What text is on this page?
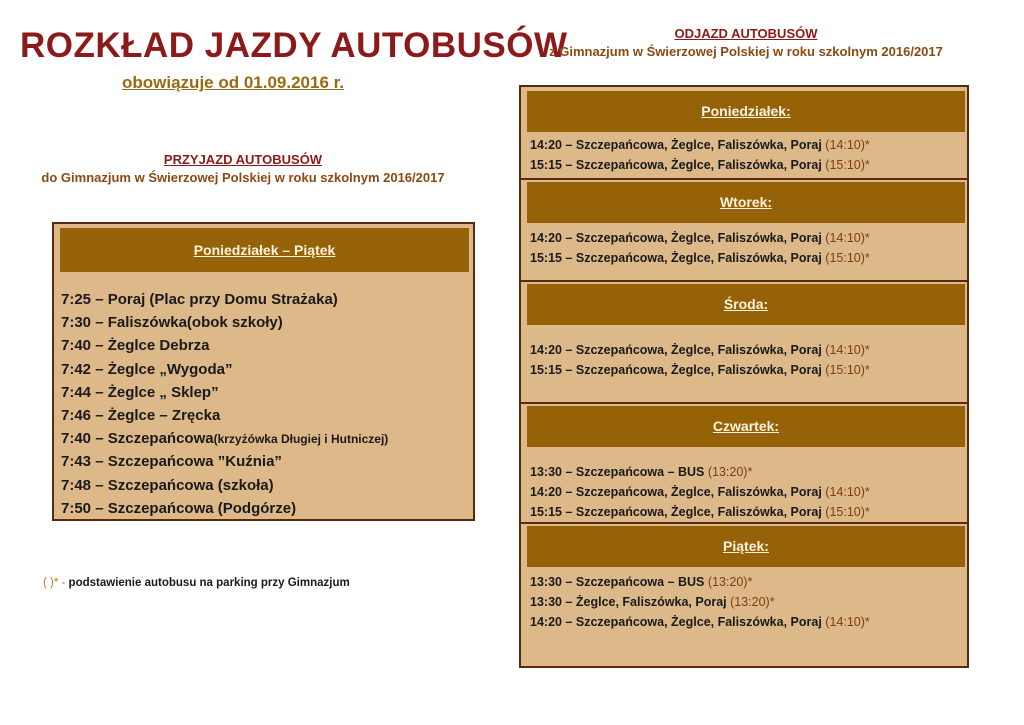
ROZKŁAD JAZDY AUTOBUSÓW
obowiązuje od 01.09.2016 r.
PRZYJAZD AUTOBUSÓW
do Gimnazjum w Świerzowej Polskiej w roku szkolnym 2016/2017
Poniedziałek – Piątek
7:25 – Poraj (Plac przy Domu Strażaka)
7:30 – Faliszówka(obok szkoły)
7:40 – Żeglce Debrza
7:42 – Żeglce „Wygoda”
7:44 – Żeglce „ Sklep”
7:46 – Żeglce – Zręcka
7:40 – Szczepańcowa(krzyżówka Długiej i Hutniczej)
7:43 – Szczepańcowa ”Kuźnia”
7:48 – Szczepańcowa (szkoła)
7:50 – Szczepańcowa (Podgórze)
ODJAZD AUTOBUSÓW
z Gimnazjum w Świerzowej Polskiej w roku szkolnym 2016/2017
Poniedziałek:
14:20 – Szczepańcowa, Żeglce, Faliszówka, Poraj (14:10)*
15:15 – Szczepańcowa, Żeglce, Faliszówka, Poraj (15:10)*
Wtorek:
14:20 – Szczepańcowa, Żeglce, Faliszówka, Poraj (14:10)*
15:15 – Szczepańcowa, Żeglce, Faliszówka, Poraj (15:10)*
Środa:
14:20 – Szczepańcowa, Żeglce, Faliszówka, Poraj (14:10)*
15:15 – Szczepańcowa, Żeglce, Faliszówka, Poraj (15:10)*
Czwartek:
13:30 – Szczepańcowa – BUS (13:20)*
14:20 – Szczepańcowa, Żeglce, Faliszówka, Poraj (14:10)*
15:15 – Szczepańcowa, Żeglce, Faliszówka, Poraj (15:10)*
Piątek:
13:30 – Szczepańcowa – BUS (13:20)*
13:30 – Żeglce, Faliszówka, Poraj (13:20)*
14:20 – Szczepańcowa, Żeglce, Faliszówka, Poraj (14:10)*
( )* - podstawienie autobusu na parking przy Gimnazjum
